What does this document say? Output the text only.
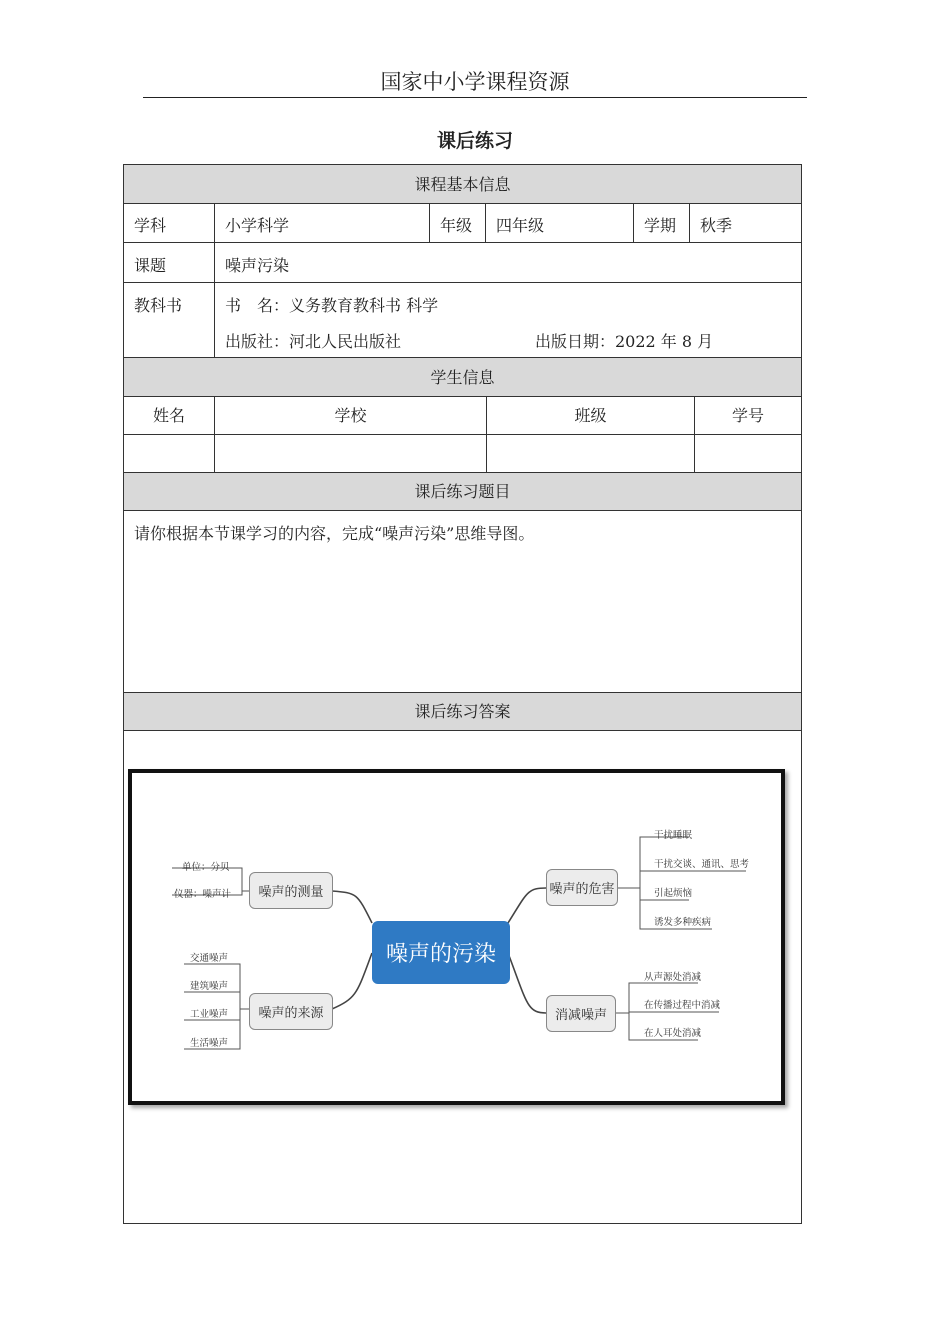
国家中小学课程资源
课后练习
课程基本信息
学科	小学科学	年级 四年级	学期 秋季
课题	噪声污染
教科书	书　名：义务教育教科书 科学
出版社：河北人民出版社	出版日期：2022 年 8 月
学生信息
姓名	学校	班级	学号
课后练习题目
请你根据本节课学习的内容，完成“噪声污染”思维导图。
课后练习答案
噪声的污染
噪声的测量
噪声的来源
噪声的危害
消减噪声
单位：分贝
仪器：噪声计
交通噪声
建筑噪声
工业噪声
生活噪声
干扰睡眠
干扰交谈、通讯、思考
引起烦恼
诱发多种疾病
从声源处消减
在传播过程中消减
在人耳处消减
